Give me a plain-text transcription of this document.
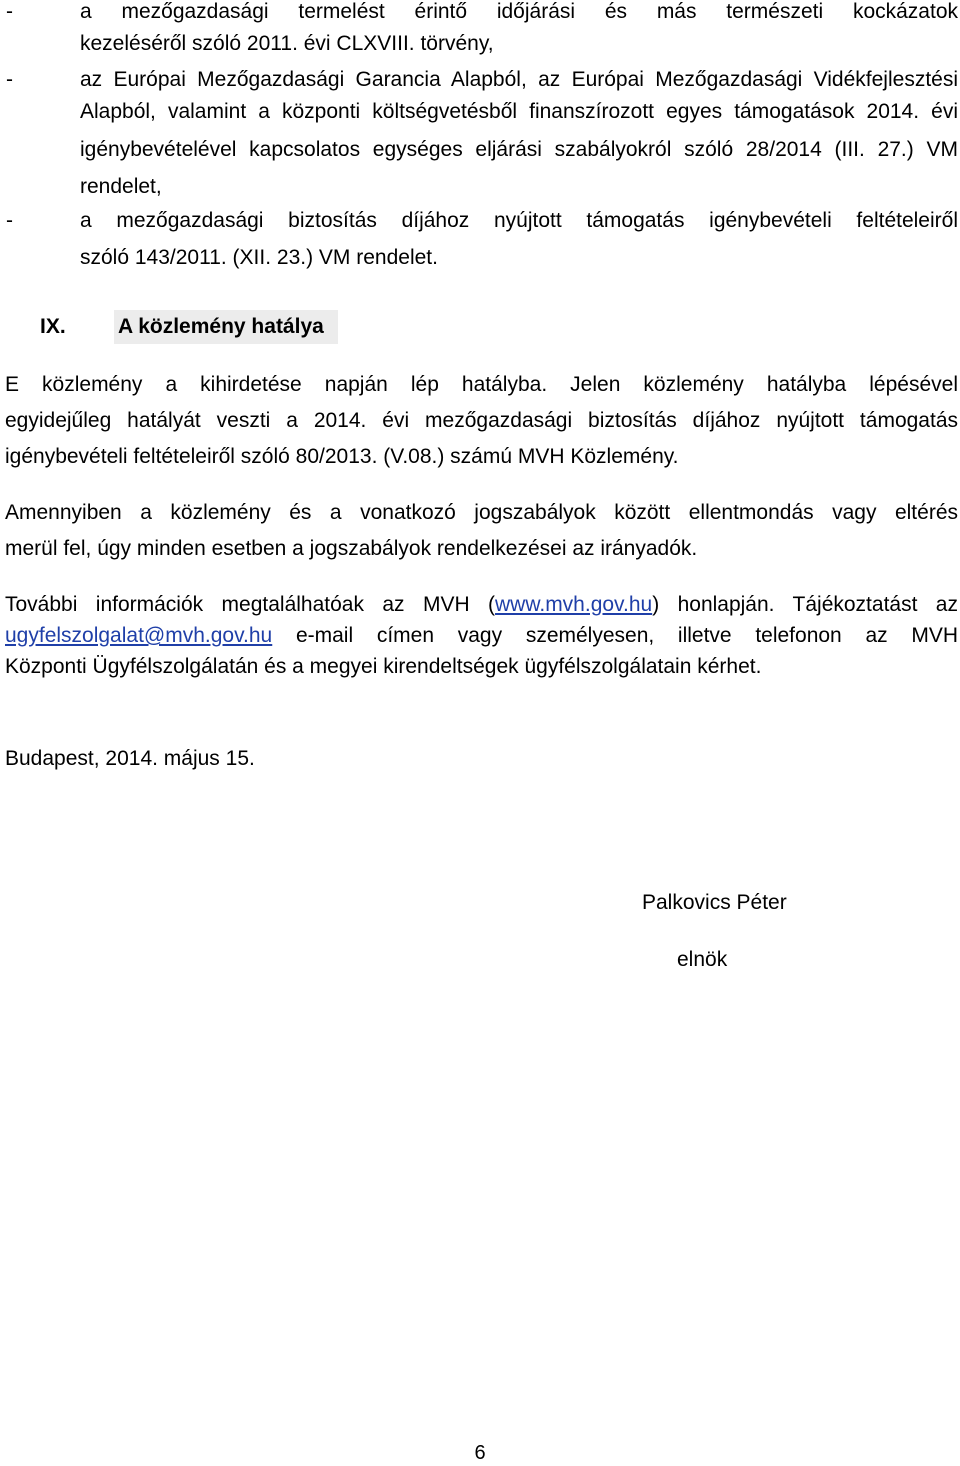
-	a mezőgazdasági termelést érintő időjárási és más természeti kockázatok
kezeléséről szóló 2011. évi CLXVIII. törvény,
-	az Európai Mezőgazdasági Garancia Alapból, az Európai Mezőgazdasági Vidékfejlesztési
Alapból, valamint a központi költségvetésből finanszírozott egyes támogatások 2014. évi
igénybevételével kapcsolatos egységes eljárási szabályokról szóló 28/2014 (III. 27.) VM
rendelet,
-	a mezőgazdasági biztosítás díjához nyújtott támogatás igénybevételi feltételeiről
szóló 143/2011. (XII. 23.) VM rendelet.
IX. A közlemény hatálya
E közlemény a kihirdetése napján lép hatályba. Jelen közlemény hatályba lépésével
egyidejűleg hatályát veszti a 2014. évi mezőgazdasági biztosítás díjához nyújtott támogatás
igénybevételi feltételeiről szóló 80/2013. (V.08.) számú MVH Közlemény.
Amennyiben a közlemény és a vonatkozó jogszabályok között ellentmondás vagy eltérés
merül fel, úgy minden esetben a jogszabályok rendelkezései az irányadók.
További információk megtalálhatóak az MVH (www.mvh.gov.hu) honlapján. Tájékoztatást az
ugyfelszolgalat@mvh.gov.hu e-mail címen vagy személyesen, illetve telefonon az MVH
Központi Ügyfélszolgálatán és a megyei kirendeltségek ügyfélszolgálatain kérhet.
Budapest, 2014. május 15.
Palkovics Péter
elnök
6
